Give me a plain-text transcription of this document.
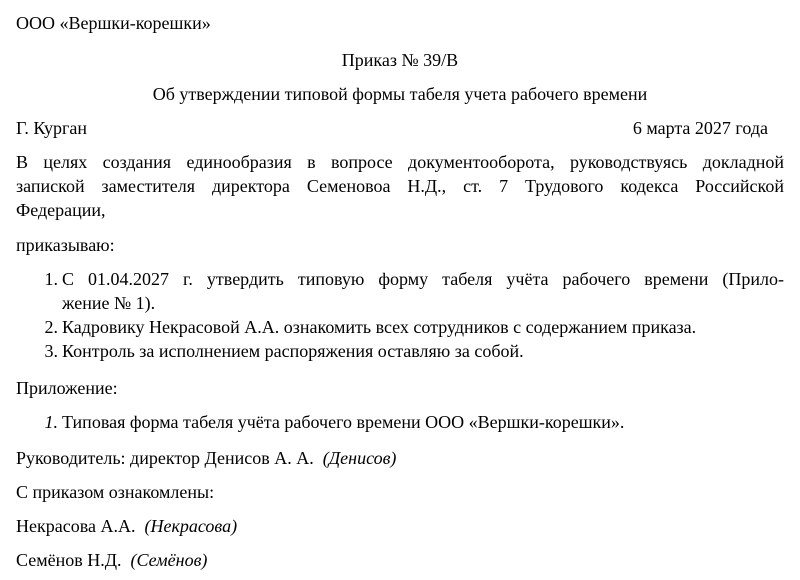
ООО «Вершки-корешки»
Приказ № 39/В
Об утверждении типовой формы табеля учета рабочего времени
Г. Курган	6 марта 2027 года
В целях создания единообразия в вопросе документооборота, руководствуясь докладной
запиской заместителя директора Семеновоа Н.Д., ст. 7 Трудового кодекса Российской
Федерации,
приказываю:
1. С 01.04.2027 г. утвердить типовую форму табеля учёта рабочего времени (Прило-
жение № 1).
2. Кадровику Некрасовой А.А. ознакомить всех сотрудников с содержанием приказа.
3. Контроль за исполнением распоряжения оставляю за собой.
Приложение:
1. Типовая форма табеля учёта рабочего времени ООО «Вершки-корешки».
Руководитель: директор Денисов А. А.  (Денисов)
С приказом ознакомлены:
Некрасова А.А.  (Некрасова)
Семёнов Н.Д.  (Семёнов)
